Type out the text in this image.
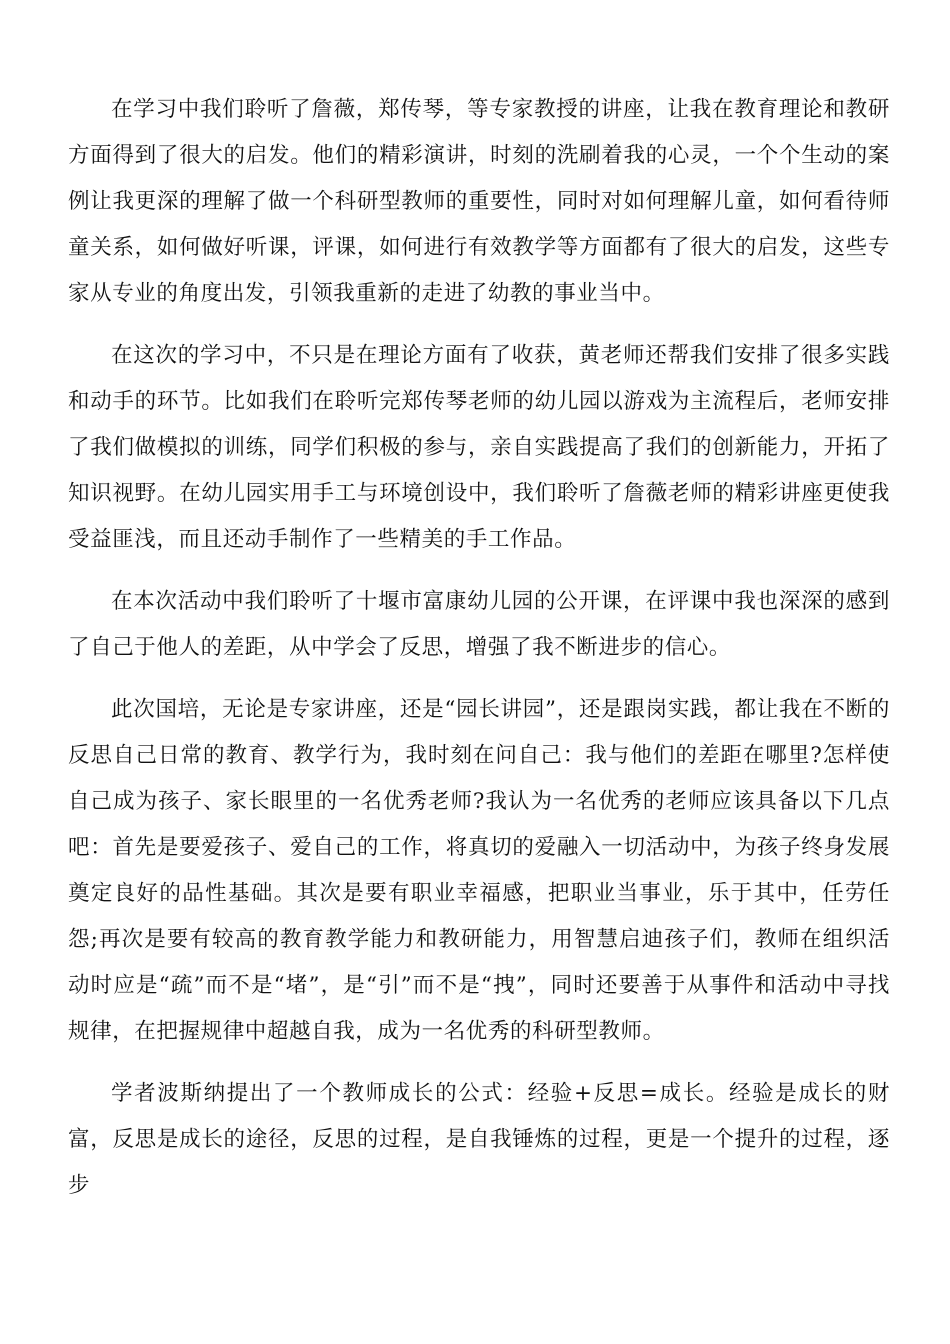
在学习中我们聆听了詹薇，郑传琴，等专家教授的讲座，让我在教育理论和教研方面得到了很大的启发。他们的精彩演讲，时刻的洗刷着我的心灵，一个个生动的案例让我更深的理解了做一个科研型教师的重要性，同时对如何理解儿童，如何看待师童关系，如何做好听课，评课，如何进行有效教学等方面都有了很大的启发，这些专家从专业的角度出发，引领我重新的走进了幼教的事业当中。

在这次的学习中，不只是在理论方面有了收获，黄老师还帮我们安排了很多实践和动手的环节。比如我们在聆听完郑传琴老师的幼儿园以游戏为主流程后，老师安排了我们做模拟的训练，同学们积极的参与，亲自实践提高了我们的创新能力，开拓了知识视野。在幼儿园实用手工与环境创设中，我们聆听了詹薇老师的精彩讲座更使我受益匪浅，而且还动手制作了一些精美的手工作品。

在本次活动中我们聆听了十堰市富康幼儿园的公开课，在评课中我也深深的感到了自己于他人的差距，从中学会了反思，增强了我不断进步的信心。

此次国培，无论是专家讲座，还是“园长讲园”，还是跟岗实践，都让我在不断的反思自己日常的教育、教学行为，我时刻在问自己：我与他们的差距在哪里?怎样使自己成为孩子、家长眼里的一名优秀老师?我认为一名优秀的老师应该具备以下几点吧：首先是要爱孩子、爱自己的工作，将真切的爱融入一切活动中，为孩子终身发展奠定良好的品性基础。其次是要有职业幸福感，把职业当事业，乐于其中，任劳任怨;再次是要有较高的教育教学能力和教研能力，用智慧启迪孩子们，教师在组织活动时应是“疏”而不是“堵”，是“引”而不是“拽”，同时还要善于从事件和活动中寻找规律，在把握规律中超越自我，成为一名优秀的科研型教师。

学者波斯纳提出了一个教师成长的公式：经验+反思=成长。经验是成长的财富，反思是成长的途径，反思的过程，是自我锤炼的过程，更是一个提升的过程，逐步
